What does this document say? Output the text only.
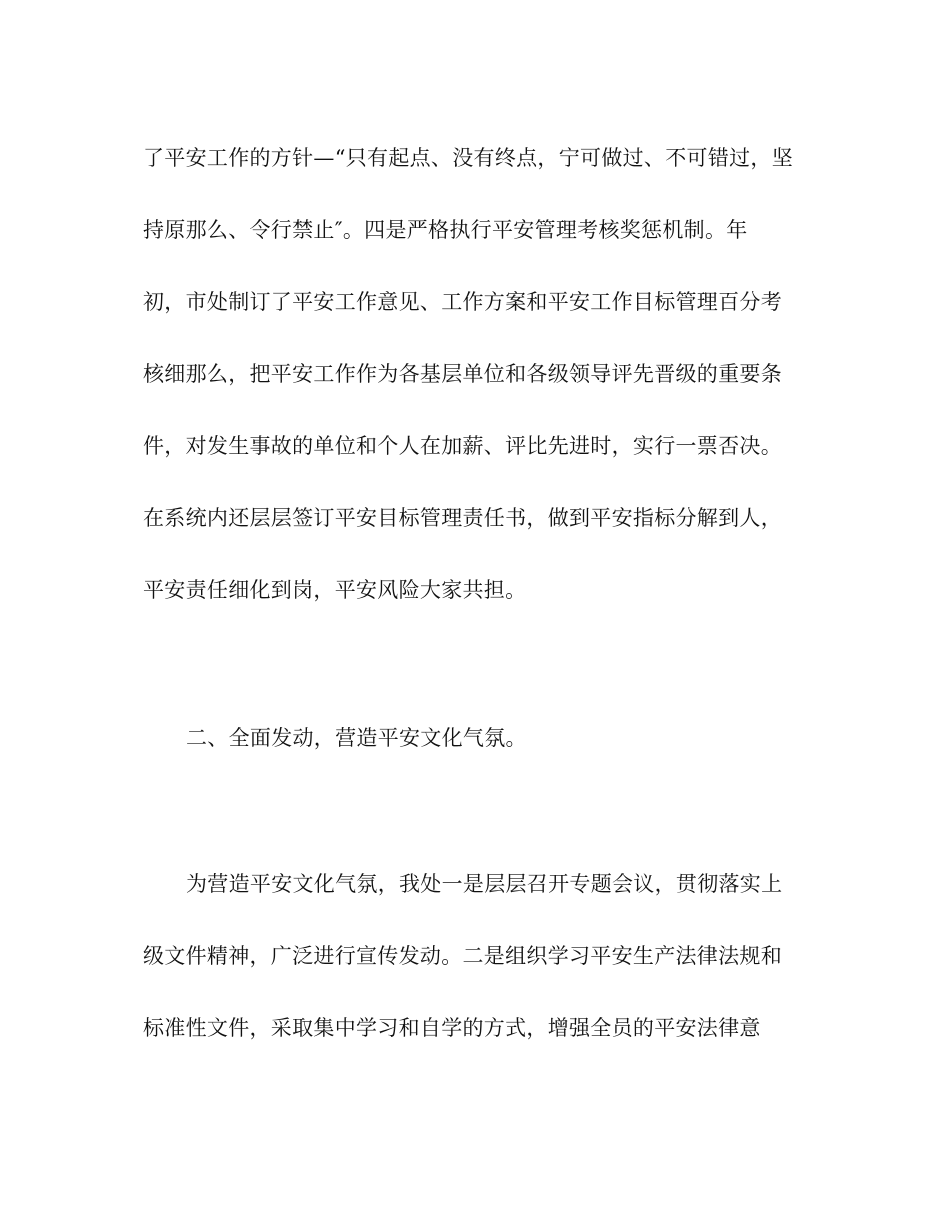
了平安工作的方针—“只有起点、没有终点，宁可做过、不可错过，坚
持原那么、令行禁止″。四是严格执行平安管理考核奖惩机制。年
初，市处制订了平安工作意见、工作方案和平安工作目标管理百分考
核细那么，把平安工作作为各基层单位和各级领导评先晋级的重要条
件，对发生事故的单位和个人在加薪、评比先进时，实行一票否决。
在系统内还层层签订平安目标管理责任书，做到平安指标分解到人，
平安责任细化到岗，平安风险大家共担。
二、全面发动，营造平安文化气氛。
为营造平安文化气氛，我处一是层层召开专题会议，贯彻落实上
级文件精神，广泛进行宣传发动。二是组织学习平安生产法律法规和
标准性文件，采取集中学习和自学的方式，增强全员的平安法律意
